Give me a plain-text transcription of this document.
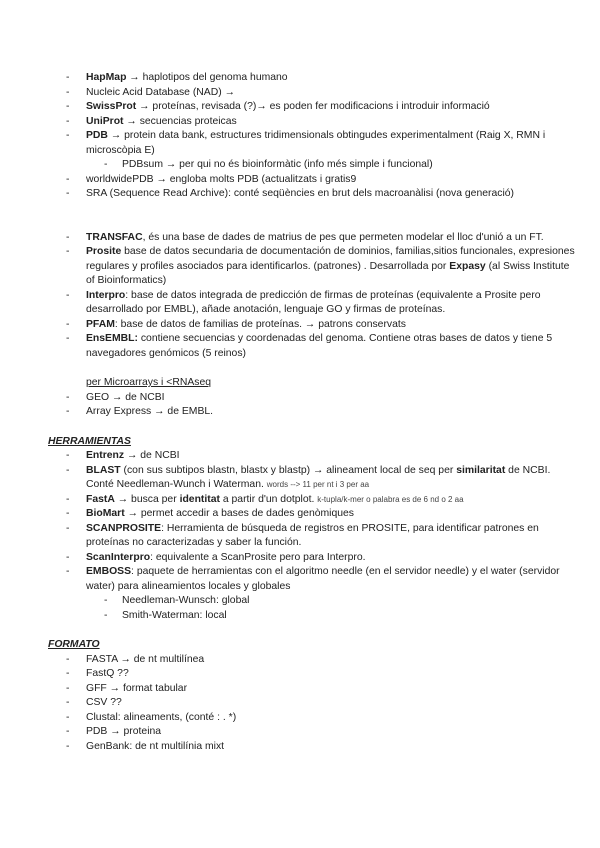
- HapMap → haplotipos del genoma humano
- Nucleic Acid Database (NAD) →
- SwissProt → proteínas, revisada (?)→ es poden fer modificacions i introduir informació
- UniProt → secuencias proteicas
- PDB → protein data bank, estructures tridimensionals obtingudes experimentalment (Raig X, RMN i microscòpia E)
- PDBsum → per qui no és bioinformàtic (info més simple i funcional)
- worldwidePDB → engloba molts PDB (actualitzats i gratis9
- SRA (Sequence Read Archive): conté seqüències en brut dels macroanàlisi (nova generació)
- TRANSFAC, és una base de dades de matrius de pes que permeten modelar el lloc d'unió a un FT.
- Prosite base de datos secundaria de documentación de dominios, familias,sitios funcionales, expresiones regulares y profiles asociados para identificarlos. (patrones) . Desarrollada por Expasy (al Swiss Institute of Bioinformatics)
- Interpro: base de datos integrada de predicción de firmas de proteínas (equivalente a Prosite pero desarrollado por EMBL), añade anotación, lenguaje GO y firmas de proteínas.
- PFAM: base de datos de familias de proteínas. → patrons conservats
- EnsEMBL: contiene secuencias y coordenadas del genoma. Contiene otras bases de datos y tiene 5 navegadores genómicos (5 reinos)
per Microarrays i <RNAseq
- GEO → de NCBI
- Array Express → de EMBL.
HERRAMIENTAS
- Entrenz → de NCBI
- BLAST (con sus subtipos blastn, blastx y blastp) → alineament local de seq per similaritat de NCBI. Conté Needleman-Wunch i Waterman. words --> 11 per nt i 3 per aa
- FastA → busca per identitat a partir d'un dotplot. k-tupla/k-mer o palabra es de 6 nd o 2 aa
- BioMart → permet accedir a bases de dades genòmiques
- SCANPROSITE: Herramienta de búsqueda de registros en PROSITE, para identificar patrones en proteínas no caracterizadas y saber la función.
- ScanInterpro: equivalente a ScanProsite pero para Interpro.
- EMBOSS: paquete de herramientas con el algoritmo needle (en el servidor needle) y el water (servidor water) para alineamientos locales y globales
- Needleman-Wunsch: global
- Smith-Waterman: local
FORMATO
- FASTA → de nt multilínea
- FastQ ??
- GFF → format tabular
- CSV ??
- Clustal: alineaments, (conté : . *)
- PDB → proteina
- GenBank: de nt multilínia mixt
